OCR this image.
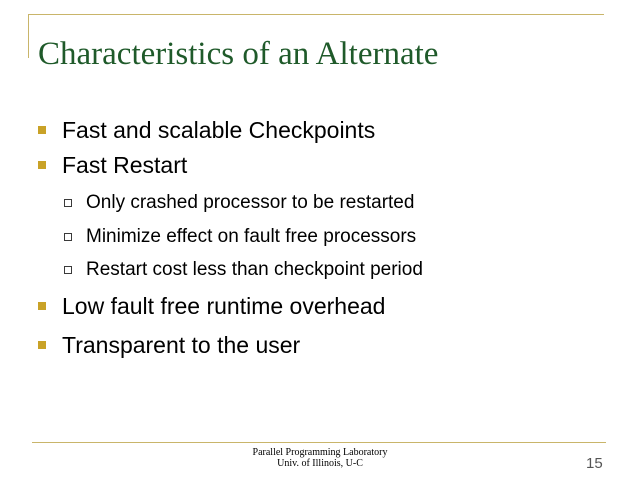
Characteristics of an Alternate
Fast and scalable Checkpoints
Fast Restart
Only crashed processor to be restarted
Minimize effect on fault free processors
Restart cost less than checkpoint period
Low fault free runtime overhead
Transparent to the user
Parallel Programming Laboratory
Univ. of Illinois, U-C	15
